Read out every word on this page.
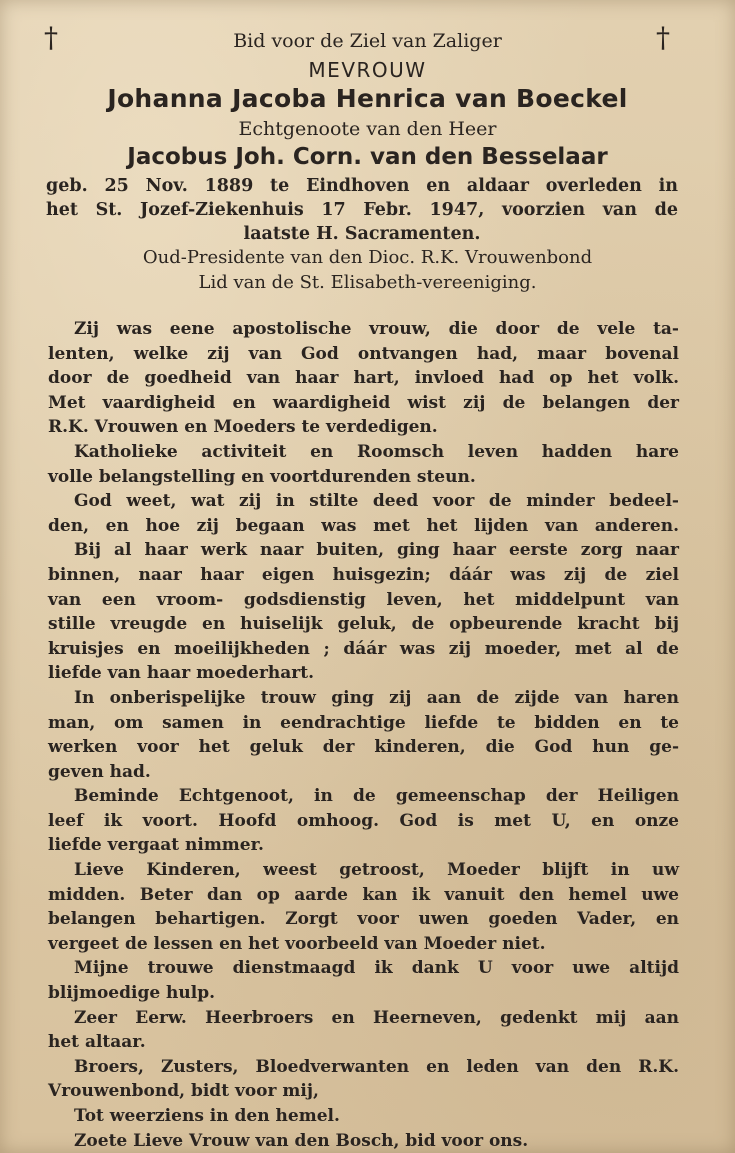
†	†
Bid voor de Ziel van Zaliger
MEVROUW
Johanna Jacoba Henrica van Boeckel
Echtgenoote van den Heer
Jacobus Joh. Corn. van den Besselaar
geb. 25 Nov. 1889 te Eindhoven en aldaar overleden in
het St. Jozef-Ziekenhuis 17 Febr. 1947, voorzien van de
laatste H. Sacramenten.
Oud-Presidente van den Dioc. R.K. Vrouwenbond
Lid van de St. Elisabeth-vereeniging.
Zij was eene apostolische vrouw, die door de vele ta-
lenten, welke zij van God ontvangen had, maar bovenal
door de goedheid van haar hart, invloed had op het volk.
Met vaardigheid en waardigheid wist zij de belangen der
R.K. Vrouwen en Moeders te verdedigen.
Katholieke activiteit en Roomsch leven hadden hare
volle belangstelling en voortdurenden steun.
God weet, wat zij in stilte deed voor de minder bedeel-
den, en hoe zij begaan was met het lijden van anderen.
Bij al haar werk naar buiten, ging haar eerste zorg naar
binnen, naar haar eigen huisgezin; dáár was zij de ziel
van een vroom- godsdienstig leven, het middelpunt van
stille vreugde en huiselijk geluk, de opbeurende kracht bij
kruisjes en moeilijkheden ; dáár was zij moeder, met al de
liefde van haar moederhart.
In onberispelijke trouw ging zij aan de zijde van haren
man, om samen in eendrachtige liefde te bidden en te
werken voor het geluk der kinderen, die God hun ge-
geven had.
Beminde Echtgenoot, in de gemeenschap der Heiligen
leef ik voort. Hoofd omhoog. God is met U, en onze
liefde vergaat nimmer.
Lieve Kinderen, weest getroost, Moeder blijft in uw
midden. Beter dan op aarde kan ik vanuit den hemel uwe
belangen behartigen. Zorgt voor uwen goeden Vader, en
vergeet de lessen en het voorbeeld van Moeder niet.
Mijne trouwe dienstmaagd ik dank U voor uwe altijd
blijmoedige hulp.
Zeer Eerw. Heerbroers en Heerneven, gedenkt mij aan
het altaar.
Broers, Zusters, Bloedverwanten en leden van den R.K.
Vrouwenbond, bidt voor mij,
Tot weerziens in den hemel.
Zoete Lieve Vrouw van den Bosch, bid voor ons.
